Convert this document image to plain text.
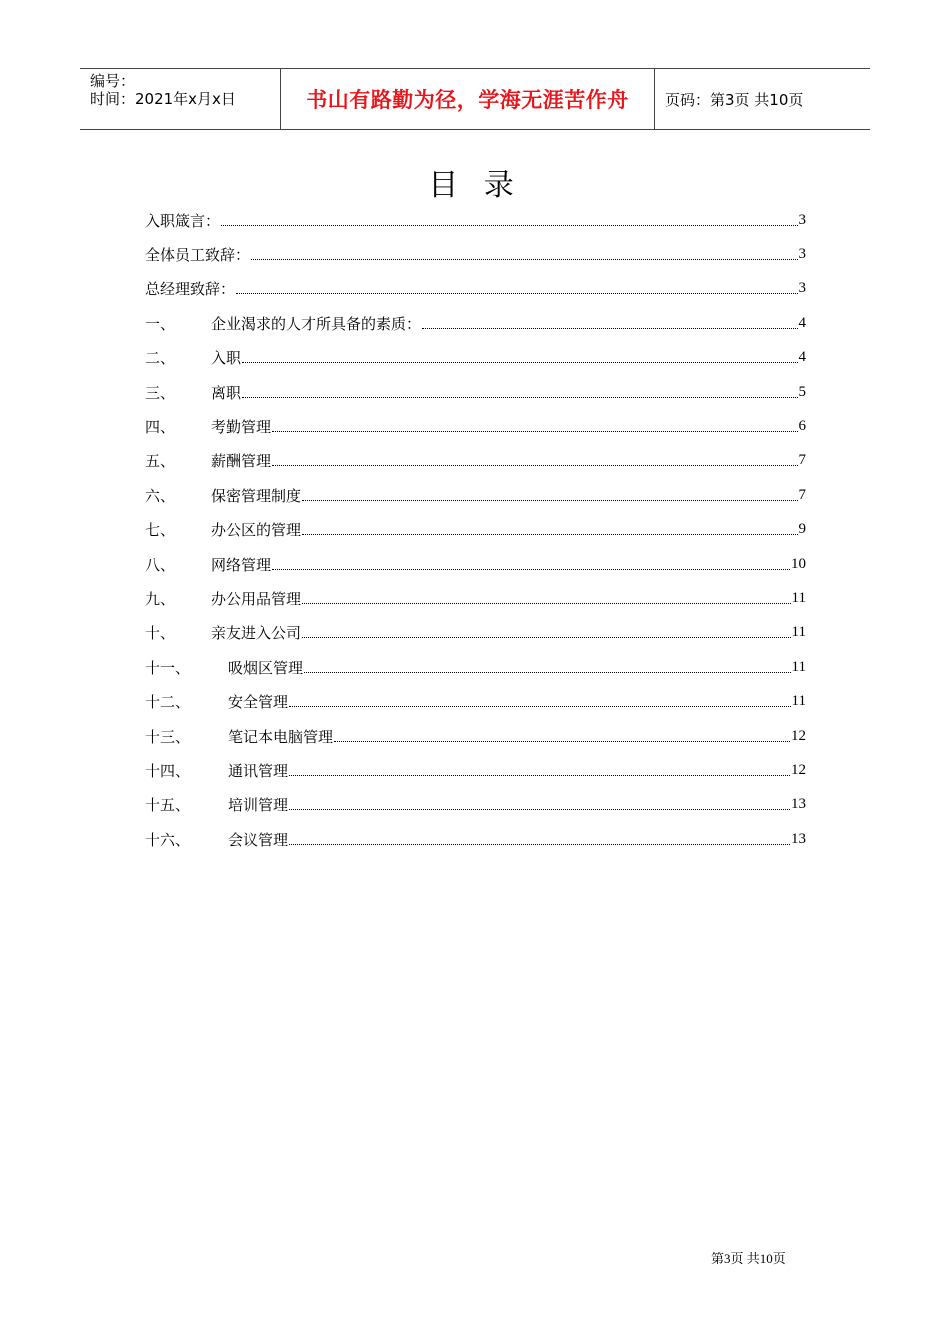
编号：
时间：2021年x月x日	书山有路勤为径，学海无涯苦作舟	页码：第3页 共10页
目 录
入职箴言：	3
全体员工致辞：	3
总经理致辞：	3
一、	企业渴求的人才所具备的素质：	4
二、	入职	4
三、	离职	5
四、	考勤管理	6
五、	薪酬管理	7
六、	保密管理制度	7
七、	办公区的管理	9
八、	网络管理	10
九、	办公用品管理	11
十、	亲友进入公司	11
十一、	吸烟区管理	11
十二、	安全管理	11
十三、	笔记本电脑管理	12
十四、	通讯管理	12
十五、	培训管理	13
十六、	会议管理	13
第3页 共10页
